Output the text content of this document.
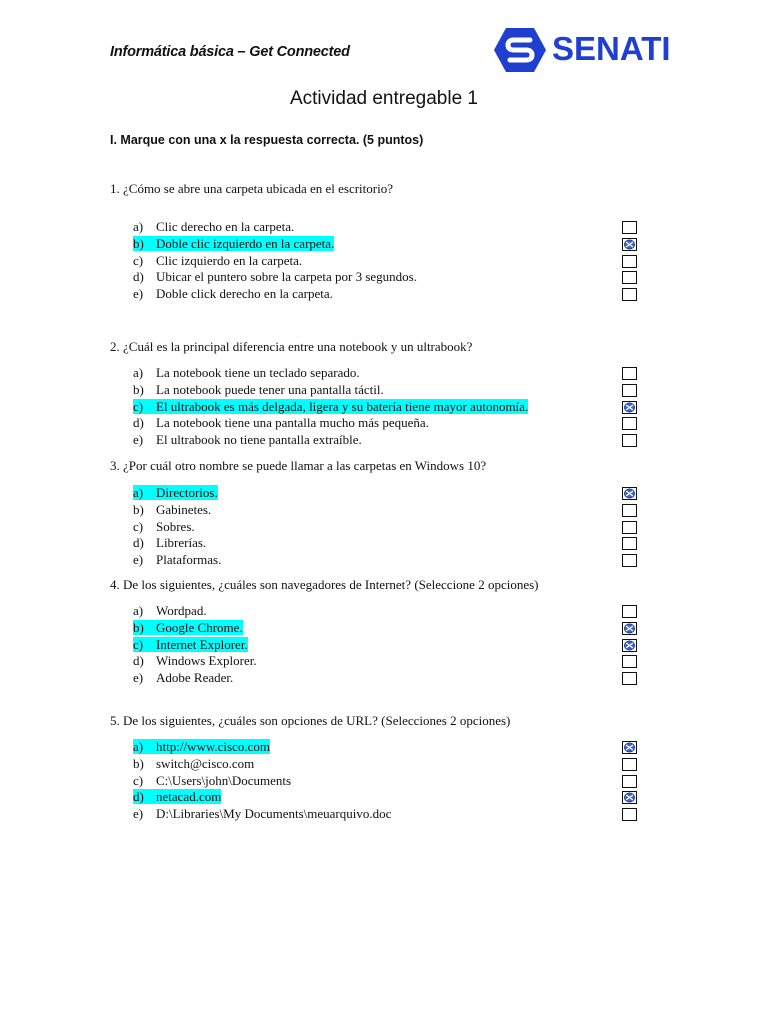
Informática básica – Get Connected	SENATI
Actividad entregable 1
I. Marque con una x la respuesta correcta. (5 puntos)
1. ¿Cómo se abre una carpeta ubicada en el escritorio?
a) Clic derecho en la carpeta.
b) Doble clic izquierdo en la carpeta.
c) Clic izquierdo en la carpeta.
d) Ubicar el puntero sobre la carpeta por 3 segundos.
e) Doble click derecho en la carpeta.
2. ¿Cuál es la principal diferencia entre una notebook y un ultrabook?
a) La notebook tiene un teclado separado.
b) La notebook puede tener una pantalla táctil.
c) El ultrabook es más delgada, ligera y su batería tiene mayor autonomía.
d) La notebook tiene una pantalla mucho más pequeña.
e) El ultrabook no tiene pantalla extraíble.
3. ¿Por cuál otro nombre se puede llamar a las carpetas en Windows 10?
a) Directorios.
b) Gabinetes.
c) Sobres.
d) Librerías.
e) Plataformas.
4. De los siguientes, ¿cuáles son navegadores de Internet? (Seleccione 2 opciones)
a) Wordpad.
b) Google Chrome.
c) Internet Explorer.
d) Windows Explorer.
e) Adobe Reader.
5. De los siguientes, ¿cuáles son opciones de URL? (Selecciones 2 opciones)
a) http://www.cisco.com
b) switch@cisco.com
c) C:\Users\john\Documents
d) netacad.com
e) D:\Libraries\My Documents\meuarquivo.doc
